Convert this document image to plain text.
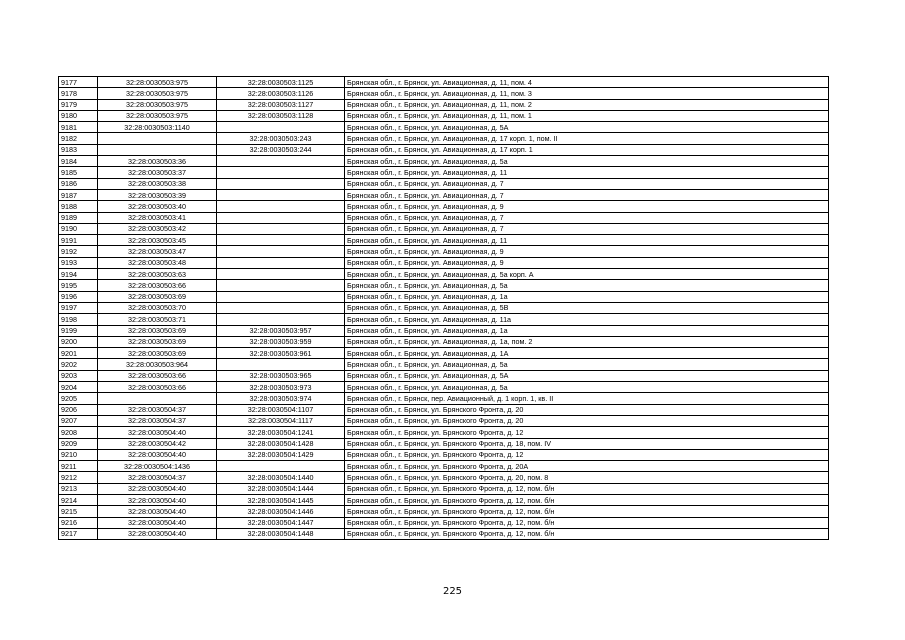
9177	32:28:0030503:975	32:28:0030503:1125	Брянская обл., г. Брянск, ул. Авиационная, д. 11, пом. 4
9178	32:28:0030503:975	32:28:0030503:1126	Брянская обл., г. Брянск, ул. Авиационная, д. 11, пом. 3
9179	32:28:0030503:975	32:28:0030503:1127	Брянская обл., г. Брянск, ул. Авиационная, д. 11, пом. 2
9180	32:28:0030503:975	32:28:0030503:1128	Брянская обл., г. Брянск, ул. Авиационная, д. 11, пом. 1
9181	32:28:0030503:1140		Брянская обл., г. Брянск, ул. Авиационная, д. 5А
9182		32:28:0030503:243	Брянская обл., г. Брянск, ул. Авиационная, д. 17 корп. 1, пом. II
9183		32:28:0030503:244	Брянская обл., г. Брянск, ул. Авиационная, д. 17 корп. 1
9184	32:28:0030503:36		Брянская обл., г. Брянск, ул. Авиационная, д. 5а
9185	32:28:0030503:37		Брянская обл., г. Брянск, ул. Авиационная, д. 11
9186	32:28:0030503:38		Брянская обл., г. Брянск, ул. Авиационная, д. 7
9187	32:28:0030503:39		Брянская обл., г. Брянск, ул. Авиационная, д. 7
9188	32:28:0030503:40		Брянская обл., г. Брянск, ул. Авиационная, д. 9
9189	32:28:0030503:41		Брянская обл., г. Брянск, ул. Авиационная, д. 7
9190	32:28:0030503:42		Брянская обл., г. Брянск, ул. Авиационная, д. 7
9191	32:28:0030503:45		Брянская обл., г. Брянск, ул. Авиационная, д. 11
9192	32:28:0030503:47		Брянская обл., г. Брянск, ул. Авиационная, д. 9
9193	32:28:0030503:48		Брянская обл., г. Брянск, ул. Авиационная, д. 9
9194	32:28:0030503:63		Брянская обл., г. Брянск, ул. Авиационная, д. 5а корп. А
9195	32:28:0030503:66		Брянская обл., г. Брянск, ул. Авиационная, д. 5а
9196	32:28:0030503:69		Брянская обл., г. Брянск, ул. Авиационная, д. 1а
9197	32:28:0030503:70		Брянская обл., г. Брянск, ул. Авиационная, д. 5В
9198	32:28:0030503:71		Брянская обл., г. Брянск, ул. Авиационная, д. 11а
9199	32:28:0030503:69	32:28:0030503:957	Брянская обл., г. Брянск, ул. Авиационная, д. 1а
9200	32:28:0030503:69	32:28:0030503:959	Брянская обл., г. Брянск, ул. Авиационная, д. 1а, пом. 2
9201	32:28:0030503:69	32:28:0030503:961	Брянская обл., г. Брянск, ул. Авиационная, д. 1А
9202	32:28:0030503:964		Брянская обл., г. Брянск, ул. Авиационная, д. 5а
9203	32:28:0030503:66	32:28:0030503:965	Брянская обл., г. Брянск, ул. Авиационная, д. 5А
9204	32:28:0030503:66	32:28:0030503:973	Брянская обл., г. Брянск, ул. Авиационная, д. 5а
9205		32:28:0030503:974	Брянская обл., г. Брянск, пер. Авиационный, д. 1 корп. 1, кв. II
9206	32:28:0030504:37	32:28:0030504:1107	Брянская обл., г. Брянск, ул. Брянского Фронта, д. 20
9207	32:28:0030504:37	32:28:0030504:1117	Брянская обл., г. Брянск, ул. Брянского Фронта, д. 20
9208	32:28:0030504:40	32:28:0030504:1241	Брянская обл., г. Брянск, ул. Брянского Фронта, д. 12
9209	32:28:0030504:42	32:28:0030504:1428	Брянская обл., г. Брянск, ул. Брянского Фронта, д. 18, пом. IV
9210	32:28:0030504:40	32:28:0030504:1429	Брянская обл., г. Брянск, ул. Брянского Фронта, д. 12
9211	32:28:0030504:1436		Брянская обл., г. Брянск, ул. Брянского Фронта, д. 20А
9212	32:28:0030504:37	32:28:0030504:1440	Брянская обл., г. Брянск, ул. Брянского Фронта, д. 20, пом. 8
9213	32:28:0030504:40	32:28:0030504:1444	Брянская обл., г. Брянск, ул. Брянского Фронта, д. 12, пом. б/н
9214	32:28:0030504:40	32:28:0030504:1445	Брянская обл., г. Брянск, ул. Брянского Фронта, д. 12, пом. б/н
9215	32:28:0030504:40	32:28:0030504:1446	Брянская обл., г. Брянск, ул. Брянского Фронта, д. 12, пом. б/н
9216	32:28:0030504:40	32:28:0030504:1447	Брянская обл., г. Брянск, ул. Брянского Фронта, д. 12, пом. б/н
9217	32:28:0030504:40	32:28:0030504:1448	Брянская обл., г. Брянск, ул. Брянского Фронта, д. 12, пом. б/н
225
